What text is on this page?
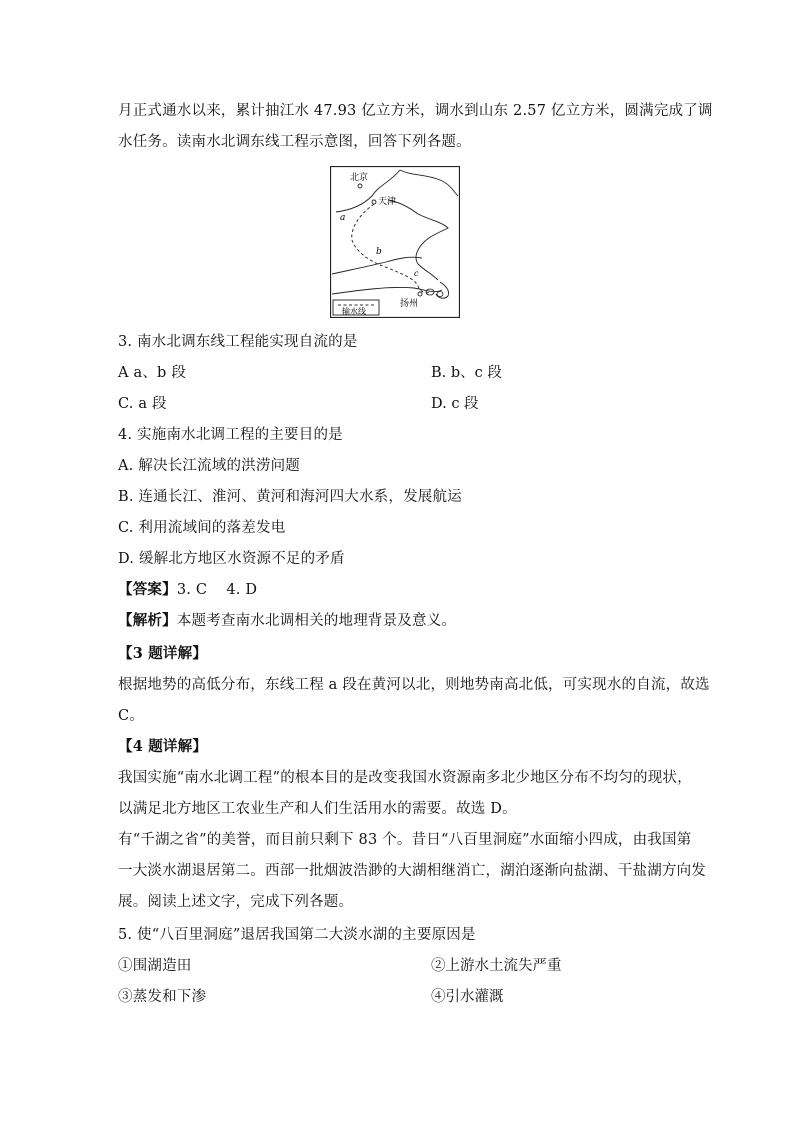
月正式通水以来，累计抽江水 47.93 亿立方米，调水到山东 2.57 亿立方米，圆满完成了调
水任务。读南水北调东线工程示意图，回答下列各题。
北京
天津
扬州
a
b
c
输水线
3. 南水北调东线工程能实现自流的是
A a、b 段	B. b、c 段
C. a 段	D. c 段
4. 实施南水北调工程的主要目的是
A. 解决长江流域的洪涝问题
B. 连通长江、淮河、黄河和海河四大水系，发展航运
C. 利用流域间的落差发电
D. 缓解北方地区水资源不足的矛盾
【答案】3. C    4. D
【解析】本题考查南水北调相关的地理背景及意义。
【3 题详解】
根据地势的高低分布，东线工程 a 段在黄河以北，则地势南高北低，可实现水的自流，故选
C。
【4 题详解】
我国实施“南水北调工程”的根本目的是改变我国水资源南多北少地区分布不均匀的现状，
以满足北方地区工农业生产和人们生活用水的需要。故选 D。
有“千湖之省”的美誉，而目前只剩下 83 个。昔日“八百里洞庭”水面缩小四成，由我国第
一大淡水湖退居第二。西部一批烟波浩渺的大湖相继消亡，湖泊逐渐向盐湖、干盐湖方向发
展。阅读上述文字，完成下列各题。
5. 使“八百里洞庭”退居我国第二大淡水湖的主要原因是
①围湖造田	②上游水土流失严重
③蒸发和下渗	④引水灌溉
